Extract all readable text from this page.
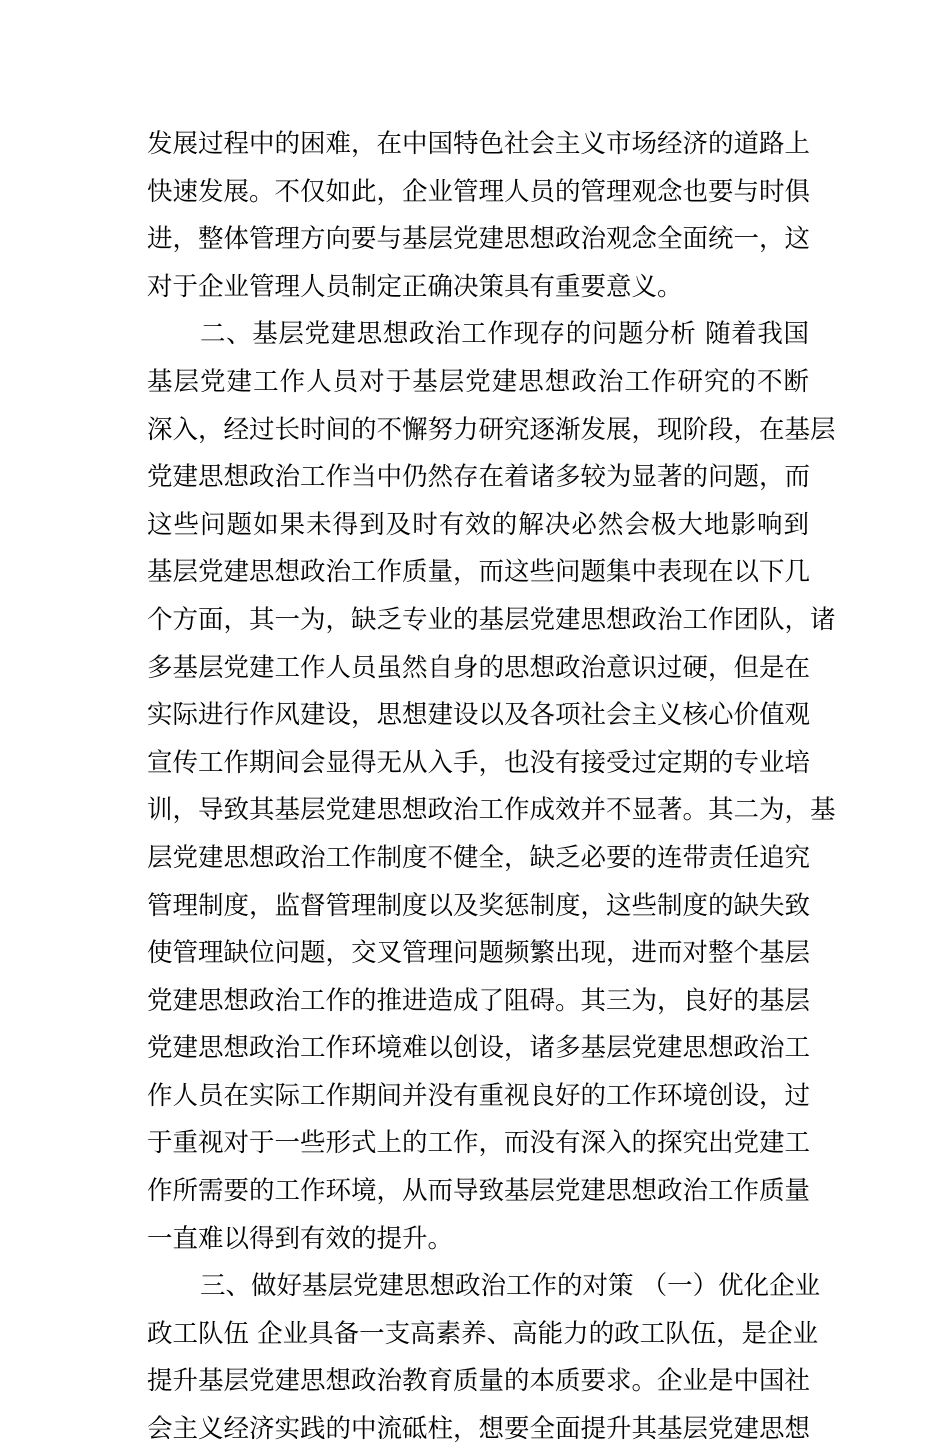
发展过程中的困难，在中国特色社会主义市场经济的道路上
快速发展。不仅如此，企业管理人员的管理观念也要与时俱
进，整体管理方向要与基层党建思想政治观念全面统一，这
对于企业管理人员制定正确决策具有重要意义。
二、基层党建思想政治工作现存的问题分析 随着我国
基层党建工作人员对于基层党建思想政治工作研究的不断
深入，经过长时间的不懈努力研究逐渐发展，现阶段，在基层
党建思想政治工作当中仍然存在着诸多较为显著的问题，而
这些问题如果未得到及时有效的解决必然会极大地影响到
基层党建思想政治工作质量，而这些问题集中表现在以下几
个方面，其一为，缺乏专业的基层党建思想政治工作团队，诸
多基层党建工作人员虽然自身的思想政治意识过硬，但是在
实际进行作风建设，思想建设以及各项社会主义核心价值观
宣传工作期间会显得无从入手，也没有接受过定期的专业培
训，导致其基层党建思想政治工作成效并不显著。其二为，基
层党建思想政治工作制度不健全，缺乏必要的连带责任追究
管理制度，监督管理制度以及奖惩制度，这些制度的缺失致
使管理缺位问题，交叉管理问题频繁出现，进而对整个基层
党建思想政治工作的推进造成了阻碍。其三为，良好的基层
党建思想政治工作环境难以创设，诸多基层党建思想政治工
作人员在实际工作期间并没有重视良好的工作环境创设，过
于重视对于一些形式上的工作，而没有深入的探究出党建工
作所需要的工作环境，从而导致基层党建思想政治工作质量
一直难以得到有效的提升。
三、做好基层党建思想政治工作的对策 （一）优化企业
政工队伍 企业具备一支高素养、高能力的政工队伍，是企业
提升基层党建思想政治教育质量的本质要求。企业是中国社
会主义经济实践的中流砥柱，想要全面提升其基层党建思想
